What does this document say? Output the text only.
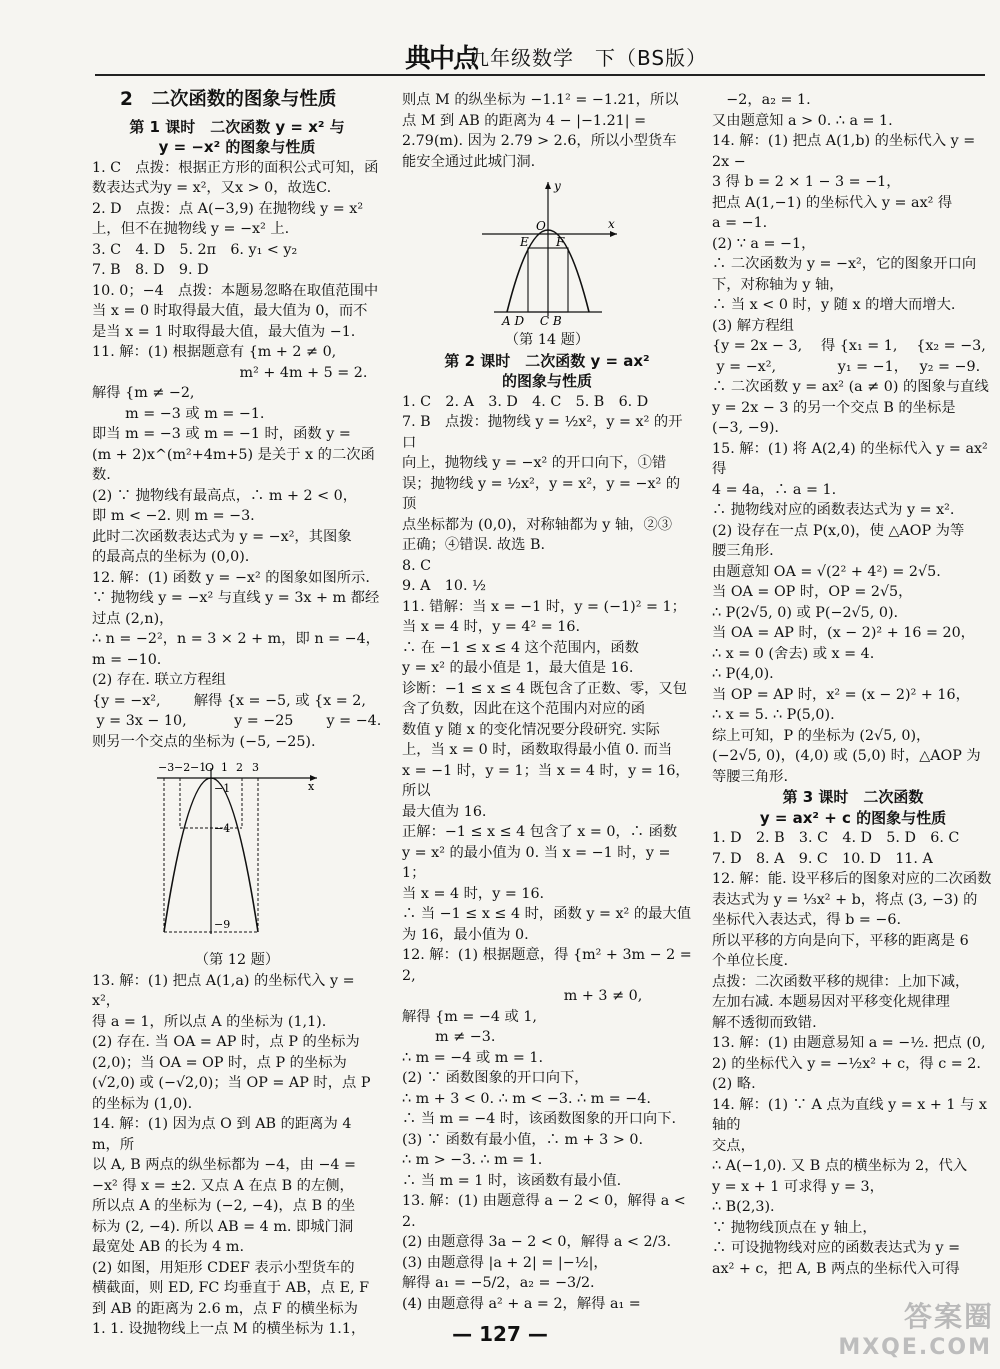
典中点
九年级数学　下（BS版）

2　二次函数的图象与性质

第 1 课时　二次函数 y = x² 与
y = −x² 的图象与性质

1. C　点拨：根据正方形的面积公式可知，函

数表达式为y = x²，又x > 0，故选C.

2. D　点拨：点 A(−3,9) 在抛物线 y = x²

上，但不在抛物线 y = −x² 上.

3. C　4. D　5. 2π　6. y₁ < y₂

7. B　8. D　9. D

10. 0；−4　点拨：本题易忽略在取值范围中

当 x = 0 时取得最大值，最大值为 0，而不

是当 x = 1 时取得最大值，最大值为 −1.

11. 解：(1) 根据题意有 {m + 2 ≠ 0,

　　　　　　　　　　 m² + 4m + 5 = 2.

解得 {m ≠ −2,

　　 m = −3 或 m = −1.

即当 m = −3 或 m = −1 时，函数 y =

(m + 2)x^(m²+4m+5) 是关于 x 的二次函数.

(2) ∵ 抛物线有最高点，∴ m + 2 < 0，

即 m < −2. 则 m = −3.

此时二次函数表达式为 y = −x²，其图象

的最高点的坐标为 (0,0).

12. 解：(1) 函数 y = −x² 的图象如图所示.

∵ 抛物线 y = −x² 与直线 y = 3x + m 都经

过点 (2,n)，

∴ n = −2²，n = 3 × 2 + m，即 n = −4，

m = −10.

(2) 存在. 联立方程组

{y = −x²,　　 解得 {x = −5, 或 {x = 2,

y = 3x − 10,　　　 y = −25　　 y = −4.

则另一个交点的坐标为 (−5, −25).

x
−3 −2 −1
O 1 2 3
−1
−4
−9

（第 12 题）

13. 解：(1) 把点 A(1,a) 的坐标代入 y = x²，

得 a = 1，所以点 A 的坐标为 (1,1).

(2) 存在. 当 OA = AP 时，点 P 的坐标为

(2,0)；当 OA = OP 时，点 P 的坐标为

(√2,0) 或 (−√2,0)；当 OP = AP 时，点 P

的坐标为 (1,0).

14. 解：(1) 因为点 O 到 AB 的距离为 4 m，所

以 A, B 两点的纵坐标都为 −4，由 −4 =

−x² 得 x = ±2. 又点 A 在点 B 的左侧，

所以点 A 的坐标为 (−2, −4)，点 B 的坐

标为 (2, −4). 所以 AB = 4 m. 即城门洞

最宽处 AB 的长为 4 m.

(2) 如图，用矩形 CDEF 表示小型货车的

横截面，则 ED, FC 均垂直于 AB，点 E, F

到 AB 的距离为 2.6 m，点 F 的横坐标为

1. 1. 设抛物线上一点 M 的横坐标为 1.1，

则点 M 的纵坐标为 −1.1² = −1.21，所以

点 M 到 AB 的距离为 4 − |−1.21| =

2.79(m). 因为 2.79 > 2.6，所以小型货车

能安全通过此城门洞.

y
x
O
E F
A D　 C B

（第 14 题）

第 2 课时　二次函数 y = ax²
的图象与性质

1. C　2. A　3. D　4. C　5. B　6. D

7. B　点拨：抛物线 y = ½x²，y = x² 的开口

向上，抛物线 y = −x² 的开口向下，①错

误；抛物线 y = ½x²，y = x²，y = −x² 的顶

点坐标都为 (0,0)，对称轴都为 y 轴，②③

正确；④错误. 故选 B.

8. C

9. A　10. ½

11. 错解：当 x = −1 时，y = (−1)² = 1；

当 x = 4 时，y = 4² = 16.

∴ 在 −1 ≤ x ≤ 4 这个范围内，函数

y = x² 的最小值是 1，最大值是 16.

诊断：−1 ≤ x ≤ 4 既包含了正数、零，又包

含了负数，因此在这个范围内对应的函

数值 y 随 x 的变化情况要分段研究. 实际

上，当 x = 0 时，函数取得最小值 0. 而当

x = −1 时，y = 1；当 x = 4 时，y = 16，所以

最大值为 16.

正解：−1 ≤ x ≤ 4 包含了 x = 0，∴ 函数

y = x² 的最小值为 0. 当 x = −1 时，y = 1；

当 x = 4 时，y = 16.

∴ 当 −1 ≤ x ≤ 4 时，函数 y = x² 的最大值

为 16，最小值为 0.

12. 解：(1) 根据题意，得 {m² + 3m − 2 = 2,

　　　　　　　　　　　 m + 3 ≠ 0,

解得 {m = −4 或 1,

　　 m ≠ −3.

∴ m = −4 或 m = 1.

(2) ∵ 函数图象的开口向下，

∴ m + 3 < 0. ∴ m < −3. ∴ m = −4.

∴ 当 m = −4 时，该函数图象的开口向下.

(3) ∵ 函数有最小值，∴ m + 3 > 0.

∴ m > −3. ∴ m = 1.

∴ 当 m = 1 时，该函数有最小值.

13. 解：(1) 由题意得 a − 2 < 0，解得 a < 2.

(2) 由题意得 3a − 2 < 0，解得 a < 2/3.

(3) 由题意得 |a + 2| = |−½|，

解得 a₁ = −5/2，a₂ = −3/2.

(4) 由题意得 a² + a = 2，解得 a₁ =

　−2，a₂ = 1.

又由题意知 a > 0. ∴ a = 1.

14. 解：(1) 把点 A(1,b) 的坐标代入 y = 2x −

3 得 b = 2 × 1 − 3 = −1，

把点 A(1,−1) 的坐标代入 y = ax² 得

a = −1.

(2) ∵ a = −1，

∴ 二次函数为 y = −x²，它的图象开口向

下，对称轴为 y 轴，

∴ 当 x < 0 时，y 随 x 的增大而增大.

(3) 解方程组

{y = 2x − 3,　 得 {x₁ = 1,　 {x₂ = −3,

y = −x²,　　　　 y₁ = −1，　 y₂ = −9.

∴ 二次函数 y = ax² (a ≠ 0) 的图象与直线

y = 2x − 3 的另一个交点 B 的坐标是

(−3, −9).

15. 解：(1) 将 A(2,4) 的坐标代入 y = ax² 得

4 = 4a，∴ a = 1.

∴ 抛物线对应的函数表达式为 y = x².

(2) 设存在一点 P(x,0)，使 △AOP 为等

腰三角形.

由题意知 OA = √(2² + 4²) = 2√5.

当 OA = OP 时，OP = 2√5，

∴ P(2√5, 0) 或 P(−2√5, 0).

当 OA = AP 时，(x − 2)² + 16 = 20，

∴ x = 0 (舍去) 或 x = 4.

∴ P(4,0).

当 OP = AP 时，x² = (x − 2)² + 16，

∴ x = 5. ∴ P(5,0).

综上可知，P 的坐标为 (2√5, 0)，

(−2√5, 0)，(4,0) 或 (5,0) 时，△AOP 为

等腰三角形.

第 3 课时　二次函数
y = ax² + c 的图象与性质

1. D　2. B　3. C　4. D　5. D　6. C

7. D　8. A　9. C　10. D　11. A

12. 解：能. 设平移后的图象对应的二次函数

表达式为 y = ⅓x² + b，将点 (3, −3) 的

坐标代入表达式，得 b = −6.

所以平移的方向是向下，平移的距离是 6

个单位长度.

点拨：二次函数平移的规律：上加下减，

左加右减. 本题易因对平移变化规律理

解不透彻而致错.

13. 解：(1) 由题意易知 a = −½. 把点 (0,

2) 的坐标代入 y = −½x² + c，得 c = 2.

(2) 略.

14. 解：(1) ∵ A 点为直线 y = x + 1 与 x 轴的

交点，

∴ A(−1,0). 又 B 点的横坐标为 2，代入

y = x + 1 可求得 y = 3，

∴ B(2,3).

∵ 抛物线顶点在 y 轴上，

∴ 可设抛物线对应的函数表达式为 y =

ax² + c，把 A, B 两点的坐标代入可得

— 127 —
答案圈
MXQE.COM
